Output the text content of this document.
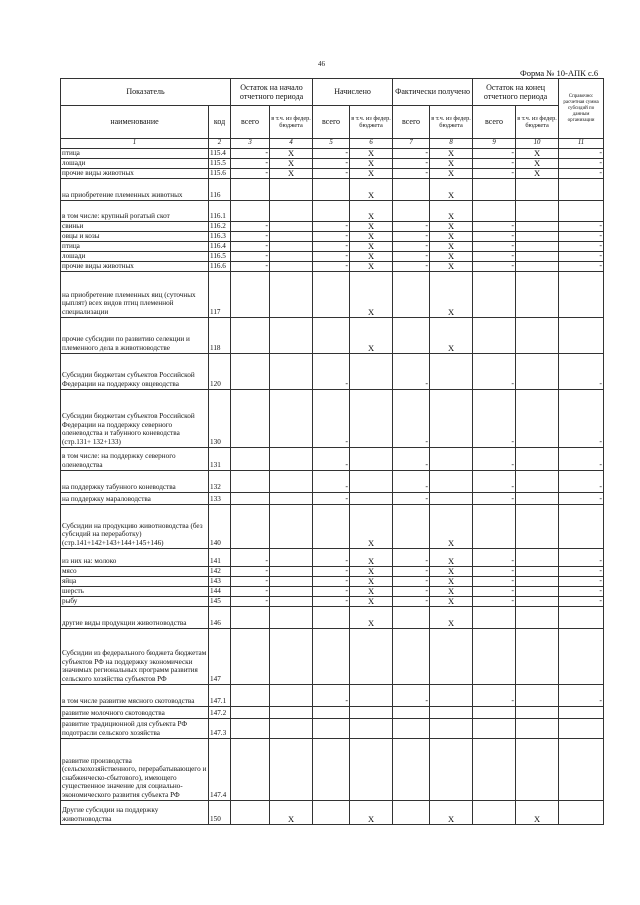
46
Форма № 10-АПК с.6
Показатель		Остаток на начало отчетного периода		Начислено		Фактически получено		Остаток на конец отчетного периода		Справочно: расчетная сумма субсидий по данным организации
наименование	код	всего	в т.ч. из федер. бюджета	всего	в т.ч. из федер. бюджета	всего	в т.ч. из федер. бюджета	всего	в т.ч. из федер. бюджета	
1	2	3	4	5	6	7	8	9	10	11
птица	115.4	-	X	-	X	-	X	-	X	-
лошади	115.5	-	X	-	X	-	X	-	X	-
прочие виды животных	115.6	-	X	-	X	-	X	-	X	-
на приобретение племенных животных	116				X		X			
в том числе: крупный рогатый скот	116.1				X		X			
свиньи	116.2	-		-	X	-	X	-		-
овцы и козы	116.3	-		-	X	-	X	-		-
птица	116.4	-		-	X	-	X	-		-
лошади	116.5	-		-	X	-	X	-		-
прочие виды животных	116.6	-		-	X	-	X	-		-
на приобретение племенных яиц (суточных цыплят) всех видов птиц племенной специализации	117				X		X			
прочие субсидии по развитию селекции и племенного дела в животноводстве	118				X		X			
Субсидии бюджетам субъектов Российской Федерации на поддержку овцеводства	120			-		-		-		-
Субсидии бюджетам субъектов Российской Федерации на поддержку северного оленеводства и табунного коневодства (стр.131+ 132+133)	130			-		-		-		-
в том числе: на поддержку северного оленеводства	131			-		-		-		-
на поддержку табунного коневодства	132			-		-		-		-
на поддержку мараловодства	133			-		-		-		-
Субсидии на продукцию животноводства (без субсидий на переработку) (стр.141+142+143+144+145+146)	140				X		X			
из них на: молоко	141	-		-	X	-	X	-		-
мясо	142	-		-	X	-	X	-		-
яйца	143	-		-	X	-	X	-		-
шерсть	144	-		-	X	-	X	-		-
рыбу	145	-		-	X	-	X	-		-
другие виды продукции животноводства	146				X		X			
Субсидии из федерального бюджета бюджетам субъектов РФ на поддержку экономически значимых региональных программ развития сельского хозяйства субъектов РФ	147									
в том числе развитие мясного скотоводства	147.1			-		-		-		-
развитие молочного скотоводства	147.2									
развитие традиционной для субъекта РФ подотрасли сельского хозяйства	147.3									
развитие производства (сельскохозяйственного, перерабатывающего и снабженческо-сбытового), имеющего существенное значение для социально-экономического развития субъекта РФ	147.4									
Другие субсидии на поддержку животноводства	150		X		X		X		X	
